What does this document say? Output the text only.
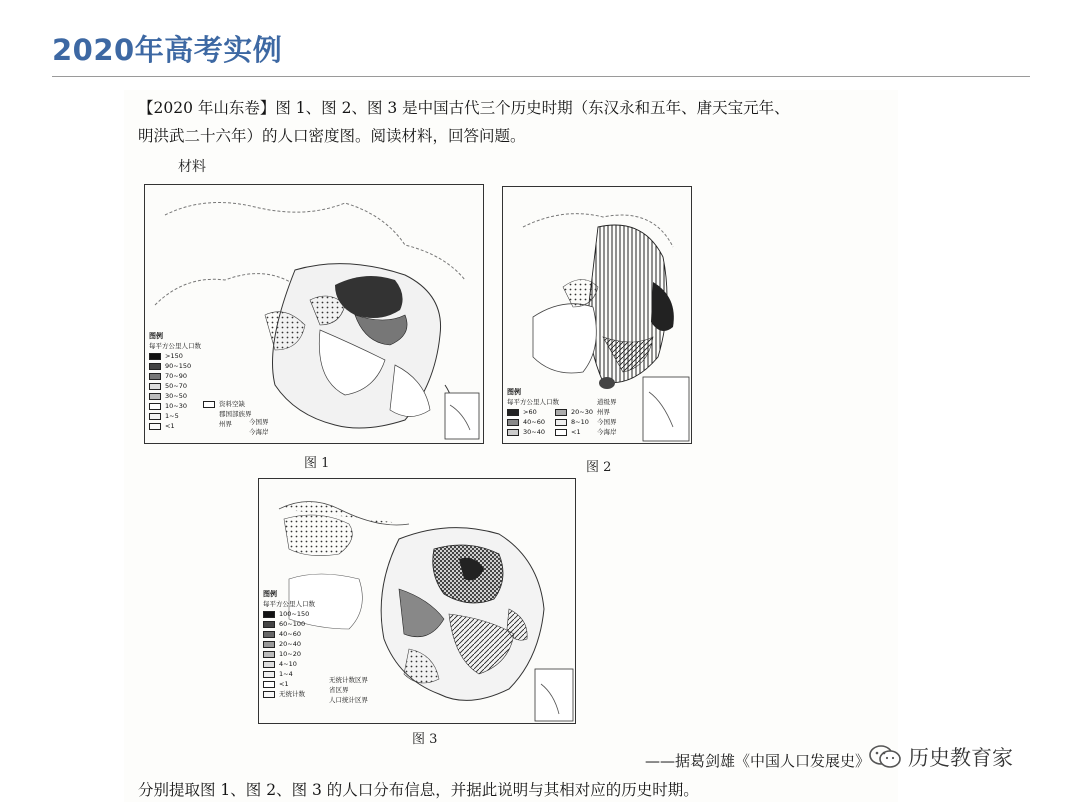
2020年高考实例
【2020 年山东卷】图 1、图 2、图 3 是中国古代三个历史时期（东汉永和五年、唐天宝元年、
明洪武二十六年）的人口密度图。阅读材料，回答问题。
材料
图例
每平方公里人口数
>150
90~150
70~90
50~70
30~50
10~30
1~5
<1
资料空缺
郡国部族界
州界	今国界
今海岸
图 1
图例
每平方公里人口数
>60
40~60
30~40
20~30
8~10
<1
道级界
州界
今国界
今海岸
图 2
图例
每平方公里人口数
100~150
60~100
40~60
20~40
10~20
4~10
1~4
<1
无统计数
无统计数区界
省区界
人口统计区界
图 3
——据葛剑雄《中国人口发展史》
分别提取图 1、图 2、图 3 的人口分布信息，并据此说明与其相对应的历史时期。
历史教育家
